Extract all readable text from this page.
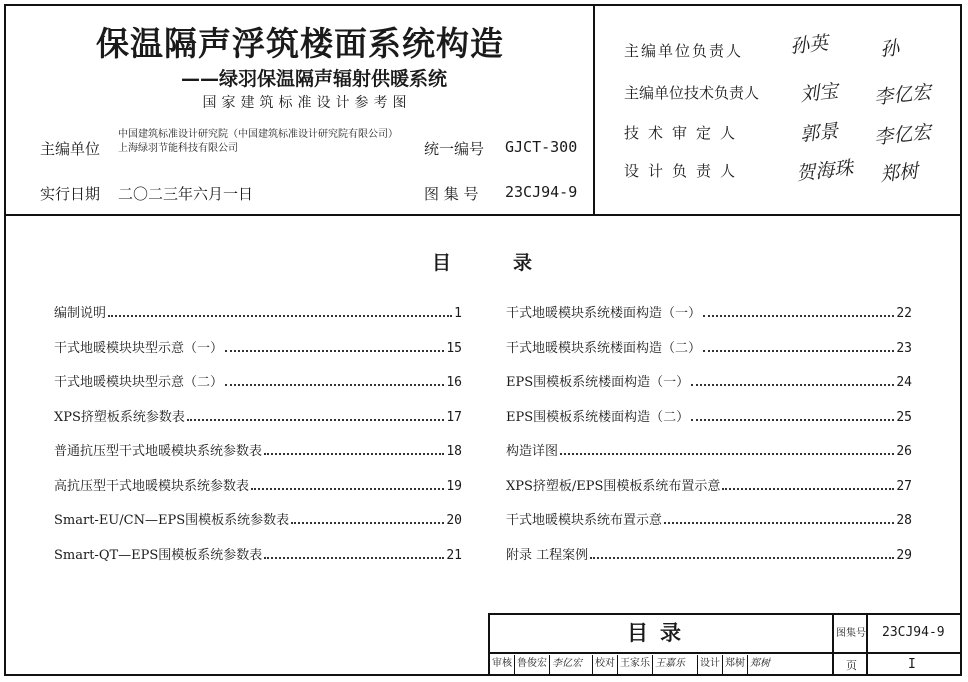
保温隔声浮筑楼面系统构造
——绿羽保温隔声辐射供暖系统
国家建筑标准设计参考图
主编单位
中国建筑标准设计研究院（中国建筑标准设计研究院有限公司）
上海绿羽节能科技有限公司	统一编号 GJCT-300
实行日期 二〇二三年六月一日	图 集 号 23CJ94-9
主编单位负责人 孙英	孙
主编单位技术负责人 刘宝 李亿宏
技术审定人	郭景 李亿宏
设计负责人	贺海珠 郑树
目	录
编制说明	1
干式地暖模块块型示意（一）	15
干式地暖模块块型示意（二）	16
XPS挤塑板系统参数表	17
普通抗压型干式地暖模块系统参数表	18
高抗压型干式地暖模块系统参数表	19
Smart-EU/CN—EPS围模板系统参数表	20
Smart-QT—EPS围模板系统参数表	21
干式地暖模块系统楼面构造（一）	22
干式地暖模块系统楼面构造（二）	23
EPS围模板系统楼面构造（一）	24
EPS围模板系统楼面构造（二）	25
构造详图	26
XPS挤塑板/EPS围模板系统布置示意	27
干式地暖模块系统布置示意	28
附录 工程案例	29
目录	图集号 23CJ94-9
审核 鲁俊宏 李亿宏	校对 王家乐 王嘉乐	设计 郑树 郑树	页	I
